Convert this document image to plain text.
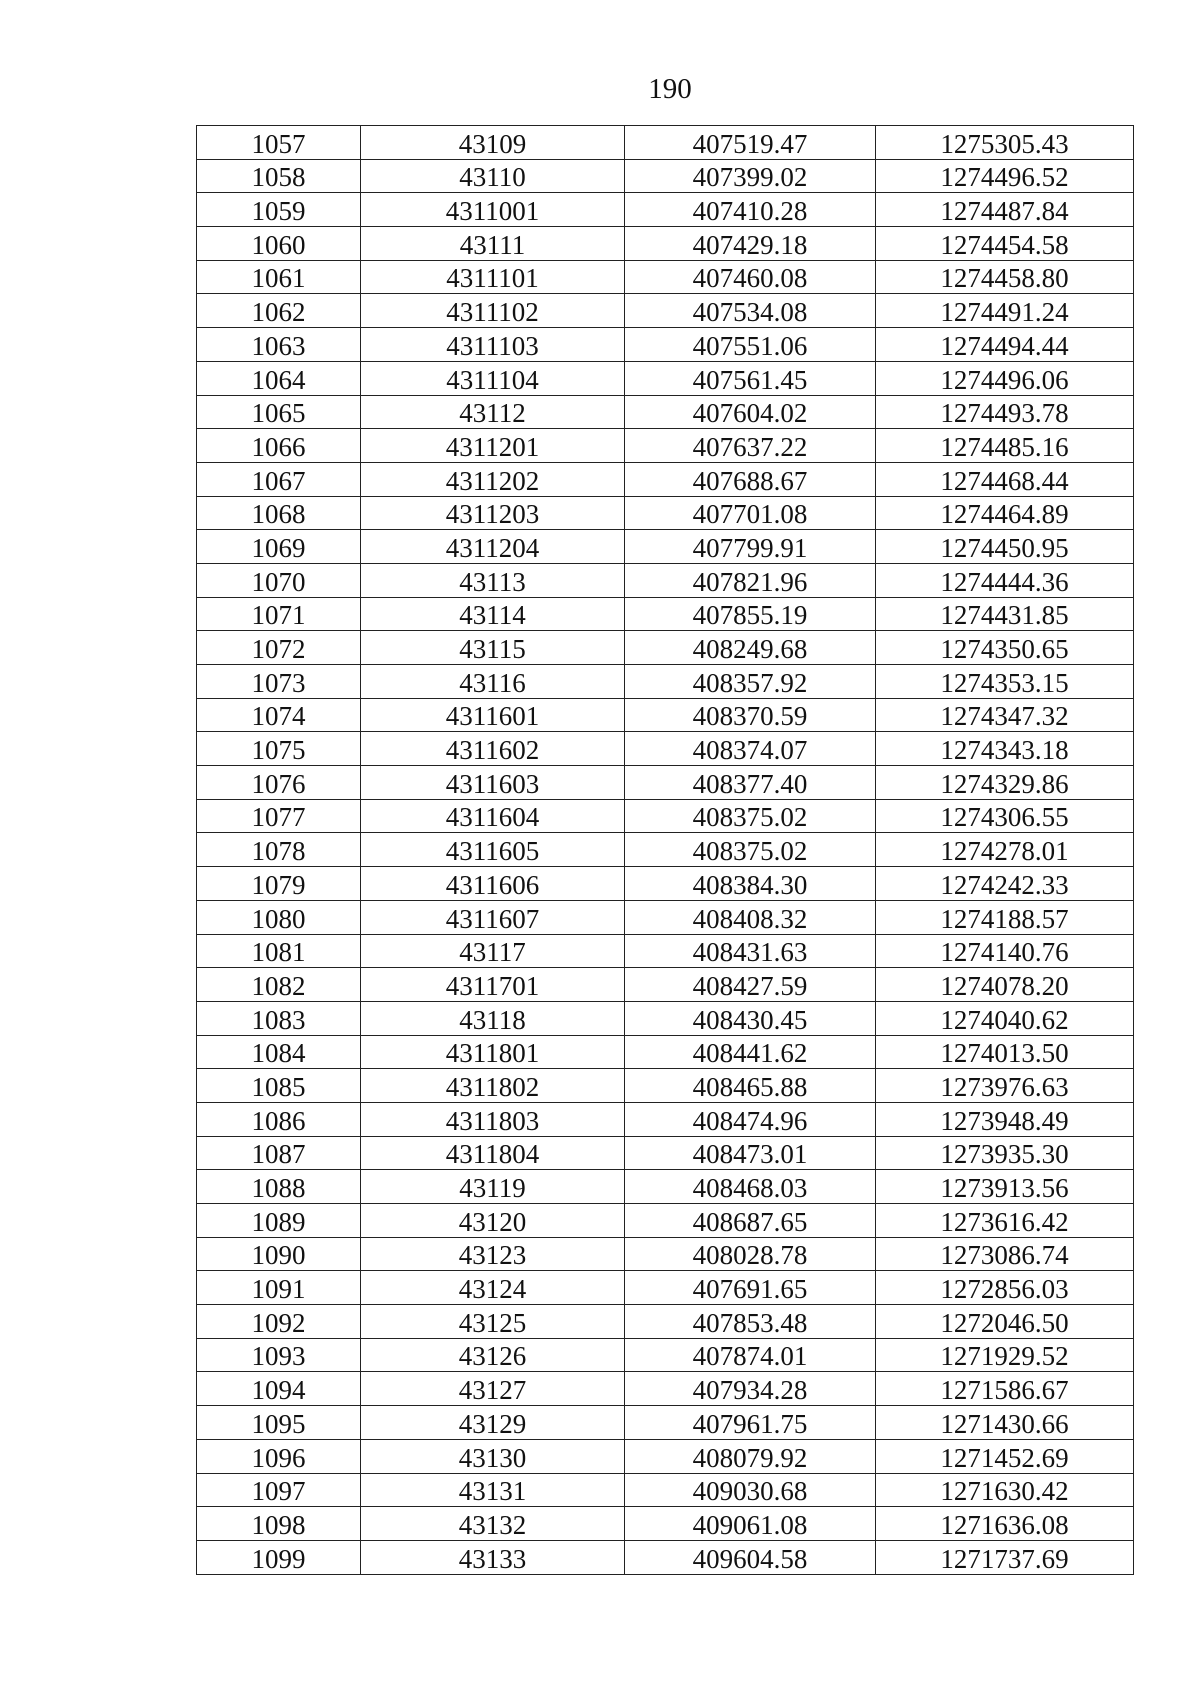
190
1057	43109	407519.47	1275305.43
1058	43110	407399.02	1274496.52
1059	4311001	407410.28	1274487.84
1060	43111	407429.18	1274454.58
1061	4311101	407460.08	1274458.80
1062	4311102	407534.08	1274491.24
1063	4311103	407551.06	1274494.44
1064	4311104	407561.45	1274496.06
1065	43112	407604.02	1274493.78
1066	4311201	407637.22	1274485.16
1067	4311202	407688.67	1274468.44
1068	4311203	407701.08	1274464.89
1069	4311204	407799.91	1274450.95
1070	43113	407821.96	1274444.36
1071	43114	407855.19	1274431.85
1072	43115	408249.68	1274350.65
1073	43116	408357.92	1274353.15
1074	4311601	408370.59	1274347.32
1075	4311602	408374.07	1274343.18
1076	4311603	408377.40	1274329.86
1077	4311604	408375.02	1274306.55
1078	4311605	408375.02	1274278.01
1079	4311606	408384.30	1274242.33
1080	4311607	408408.32	1274188.57
1081	43117	408431.63	1274140.76
1082	4311701	408427.59	1274078.20
1083	43118	408430.45	1274040.62
1084	4311801	408441.62	1274013.50
1085	4311802	408465.88	1273976.63
1086	4311803	408474.96	1273948.49
1087	4311804	408473.01	1273935.30
1088	43119	408468.03	1273913.56
1089	43120	408687.65	1273616.42
1090	43123	408028.78	1273086.74
1091	43124	407691.65	1272856.03
1092	43125	407853.48	1272046.50
1093	43126	407874.01	1271929.52
1094	43127	407934.28	1271586.67
1095	43129	407961.75	1271430.66
1096	43130	408079.92	1271452.69
1097	43131	409030.68	1271630.42
1098	43132	409061.08	1271636.08
1099	43133	409604.58	1271737.69
